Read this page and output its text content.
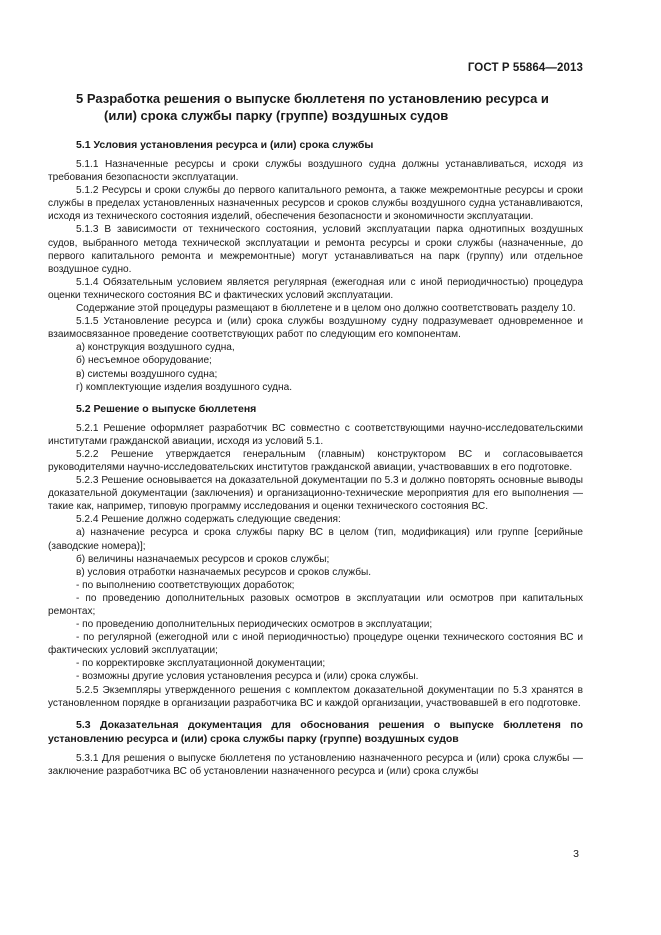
ГОСТ Р 55864—2013
5 Разработка решения о выпуске бюллетеня по установлению ресурса и (или) срока службы парку (группе) воздушных судов
5.1 Условия установления ресурса и (или) срока службы

5.1.1 Назначенные ресурсы и сроки службы воздушного судна должны устанавливаться, исходя из требования безопасности эксплуатации.

5.1.2 Ресурсы и сроки службы до первого капитального ремонта, а также межремонтные ресурсы и сроки службы в пределах установленных назначенных ресурсов и сроков службы воздушного судна устанавливаются, исходя из технического состояния изделий, обеспечения безопасности и экономичности эксплуатации.

5.1.3 В зависимости от технического состояния, условий эксплуатации парка однотипных воздушных судов, выбранного метода технической эксплуатации и ремонта ресурсы и сроки службы (назначенные, до первого капитального ремонта и межремонтные) могут устанавливаться на парк (группу) или отдельное воздушное судно.

5.1.4 Обязательным условием является регулярная (ежегодная или с иной периодичностью) процедура оценки технического состояния ВС и фактических условий эксплуатации.

Содержание этой процедуры размещают в бюллетене и в целом оно должно соответствовать разделу 10.

5.1.5 Установление ресурса и (или) срока службы воздушному судну подразумевает одновременное и взаимосвязанное проведение соответствующих работ по следующим его компонентам.

а) конструкция воздушного судна,

б) несъемное оборудование;

в) системы воздушного судна;

г) комплектующие изделия воздушного судна.

5.2 Решение о выпуске бюллетеня

5.2.1 Решение оформляет разработчик ВС совместно с соответствующими научно-исследовательскими институтами гражданской авиации, исходя из условий 5.1.

5.2.2 Решение утверждается генеральным (главным) конструктором ВС и согласовывается руководителями научно-исследовательских институтов гражданской авиации, участвовавших в его подготовке.

5.2.3 Решение основывается на доказательной документации по 5.3 и должно повторять основные выводы доказательной документации (заключения) и организационно-технические мероприятия для его выполнения — такие как, например, типовую программу исследования и оценки технического состояния ВС.

5.2.4 Решение должно содержать следующие сведения:

а) назначение ресурса и срока службы парку ВС в целом (тип, модификация) или группе [серийные (заводские номера)];

б) величины назначаемых ресурсов и сроков службы;

в) условия отработки назначаемых ресурсов и сроков службы.

- по выполнению соответствующих доработок;

- по проведению дополнительных разовых осмотров в эксплуатации или осмотров при капитальных ремонтах;

- по проведению дополнительных периодических осмотров в эксплуатации;

- по регулярной (ежегодной или с иной периодичностью) процедуре оценки технического состояния ВС и фактических условий эксплуатации;

- по корректировке эксплуатационной документации;

- возможны другие условия установления ресурса и (или) срока службы.

5.2.5 Экземпляры утвержденного решения с комплектом доказательной документации по 5.3 хранятся в установленном порядке в организации разработчика ВС и каждой организации, участвовавшей в его подготовке.

5.3 Доказательная документация для обоснования решения о выпуске бюллетеня по установлению ресурса и (или) срока службы парку (группе) воздушных судов

5.3.1 Для решения о выпуске бюллетеня по установлению назначенного ресурса и (или) срока службы — заключение разработчика ВС об установлении назначенного ресурса и (или) срока службы

3
